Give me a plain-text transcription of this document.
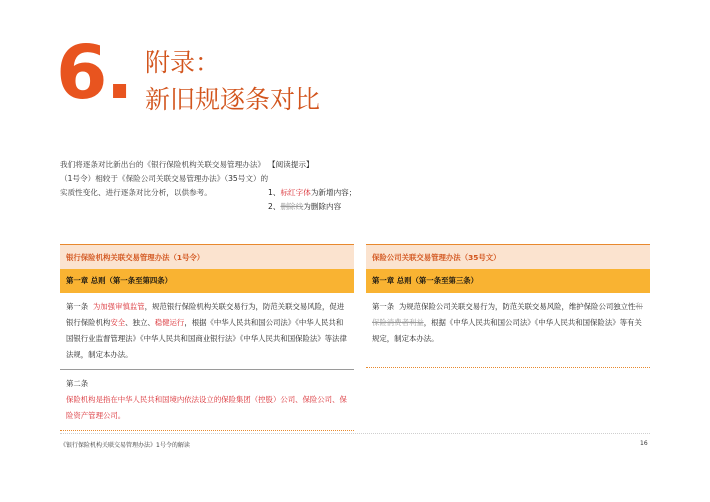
6. 附录：
新旧规逐条对比
我们将逐条对比新出台的《银行保险机构关联交易管理办法》（1号令）相较于《保险公司关联交易管理办法》（35号文）的实质性变化、进行逐条对比分析，以供参考。
【阅读提示】
1、标红字体为新增内容；
2、删除线为删除内容
银行保险机构关联交易管理办法（1号令）
第一章 总则（第一条至第四条）
第一条 为加强审慎监管，规范银行保险机构关联交易行为，防范关联交易风险，促进银行保险机构安全、独立、稳健运行，根据《中华人民共和国公司法》《中华人民共和国银行业监督管理法》《中华人民共和国商业银行法》《中华人民共和国保险法》等法律法规，制定本办法。
第二条
保险机构是指在中华人民共和国境内依法设立的保险集团（控股）公司、保险公司、保险资产管理公司。
保险公司关联交易管理办法（35号文）
第一章 总则（第一条至第三条）
第一条 为规范保险公司关联交易行为，防范关联交易风险，维护保险公司独立性和保险消费者利益，根据《中华人民共和国公司法》《中华人民共和国保险法》等有关规定，制定本办法。
《银行保险机构关联交易管理办法》1号令的解读	16
